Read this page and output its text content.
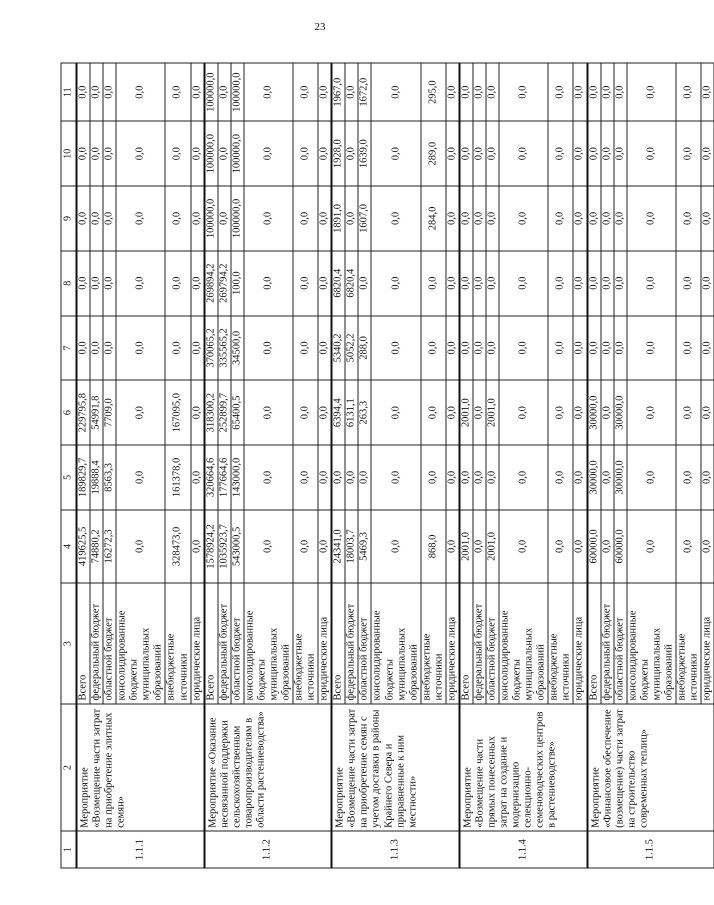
23
1	2	3	4	5	6	7	8	9	10	11
1.1.1	Мероприятие «Возмещение части затрат на приобретение элитных семян»	Всего	419625,5	189829,7	229795,8	0,0	0,0	0,0	0,0	0,0
		федеральный бюджет	74880,2	19888,4	54991,8	0,0	0,0	0,0	0,0	0,0
		областной бюджет	16272,3	8563,3	7709,0	0,0	0,0	0,0	0,0	0,0
		консолидированные бюджеты муниципальных образований	0,0	0,0	0,0	0,0	0,0	0,0	0,0	0,0
		внебюджетные источники	328473,0	161378,0	167095,0	0,0	0,0	0,0	0,0	0,0
		юридические лица	0,0	0,0	0,0	0,0	0,0	0,0	0,0	0,0
1.1.2	Мероприятие «Оказание несвязанной поддержки сельскохозяйственным товаропроизводителям в области растениеводства»	Всего	1578924,2	320664,6	318300,2	370065,2	269894,2	100000,0	100000,0	100000,0
		федеральный бюджет	1035923,7	177664,6	252899,7	335565,2	269794,2	0,0	0,0	0,0
		областной бюджет	543000,5	143000,0	65400,5	34500,0	100,0	100000,0	100000,0	100000,0
		консолидированные бюджеты муниципальных образований	0,0	0,0	0,0	0,0	0,0	0,0	0,0	0,0
		внебюджетные источники	0,0	0,0	0,0	0,0	0,0	0,0	0,0	0,0
		юридические лица	0,0	0,0	0,0	0,0	0,0	0,0	0,0	0,0
1.1.3	Мероприятие «Возмещение части затрат на приобретение семян с учетом доставки в районы Крайнего Севера и приравненные к ним местности»	Всего	24341,0	0,0	6394,4	5340,2	6820,4	1891,0	1928,0	1967,0
		федеральный бюджет	18003,7	0,0	6131,1	5052,2	6820,4	0,0	0,0	0,0
		областной бюджет	5469,3	0,0	263,3	288,0	0,0	1607,0	1639,0	1672,0
		консолидированные бюджеты муниципальных образований	0,0	0,0	0,0	0,0	0,0	0,0	0,0	0,0
		внебюджетные источники	868,0	0,0	0,0	0,0	0,0	284,0	289,0	295,0
		юридические лица	0,0	0,0	0,0	0,0	0,0	0,0	0,0	0,0
1.1.4	Мероприятие «Возмещение части прямых понесенных затрат на создание и модернизацию селекционно-семеноводческих центров в растениеводстве»	Всего	2001,0	0,0	2001,0	0,0	0,0	0,0	0,0	0,0
		федеральный бюджет	0,0	0,0	0,0	0,0	0,0	0,0	0,0	0,0
		областной бюджет	2001,0	0,0	2001,0	0,0	0,0	0,0	0,0	0,0
		консолидированные бюджеты муниципальных образований	0,0	0,0	0,0	0,0	0,0	0,0	0,0	0,0
		внебюджетные источники	0,0	0,0	0,0	0,0	0,0	0,0	0,0	0,0
		юридические лица	0,0	0,0	0,0	0,0	0,0	0,0	0,0	0,0
1.1.5	Мероприятие «Финансовое обеспечение (возмещение) части затрат на строительство современных теплиц»	Всего	60000,0	30000,0	30000,0	0,0	0,0	0,0	0,0	0,0
		федеральный бюджет	0,0	0,0	0,0	0,0	0,0	0,0	0,0	0,0
		областной бюджет	60000,0	30000,0	30000,0	0,0	0,0	0,0	0,0	0,0
		консолидированные бюджеты муниципальных образований	0,0	0,0	0,0	0,0	0,0	0,0	0,0	0,0
		внебюджетные источники	0,0	0,0	0,0	0,0	0,0	0,0	0,0	0,0
		юридические лица	0,0	0,0	0,0	0,0	0,0	0,0	0,0	0,0
